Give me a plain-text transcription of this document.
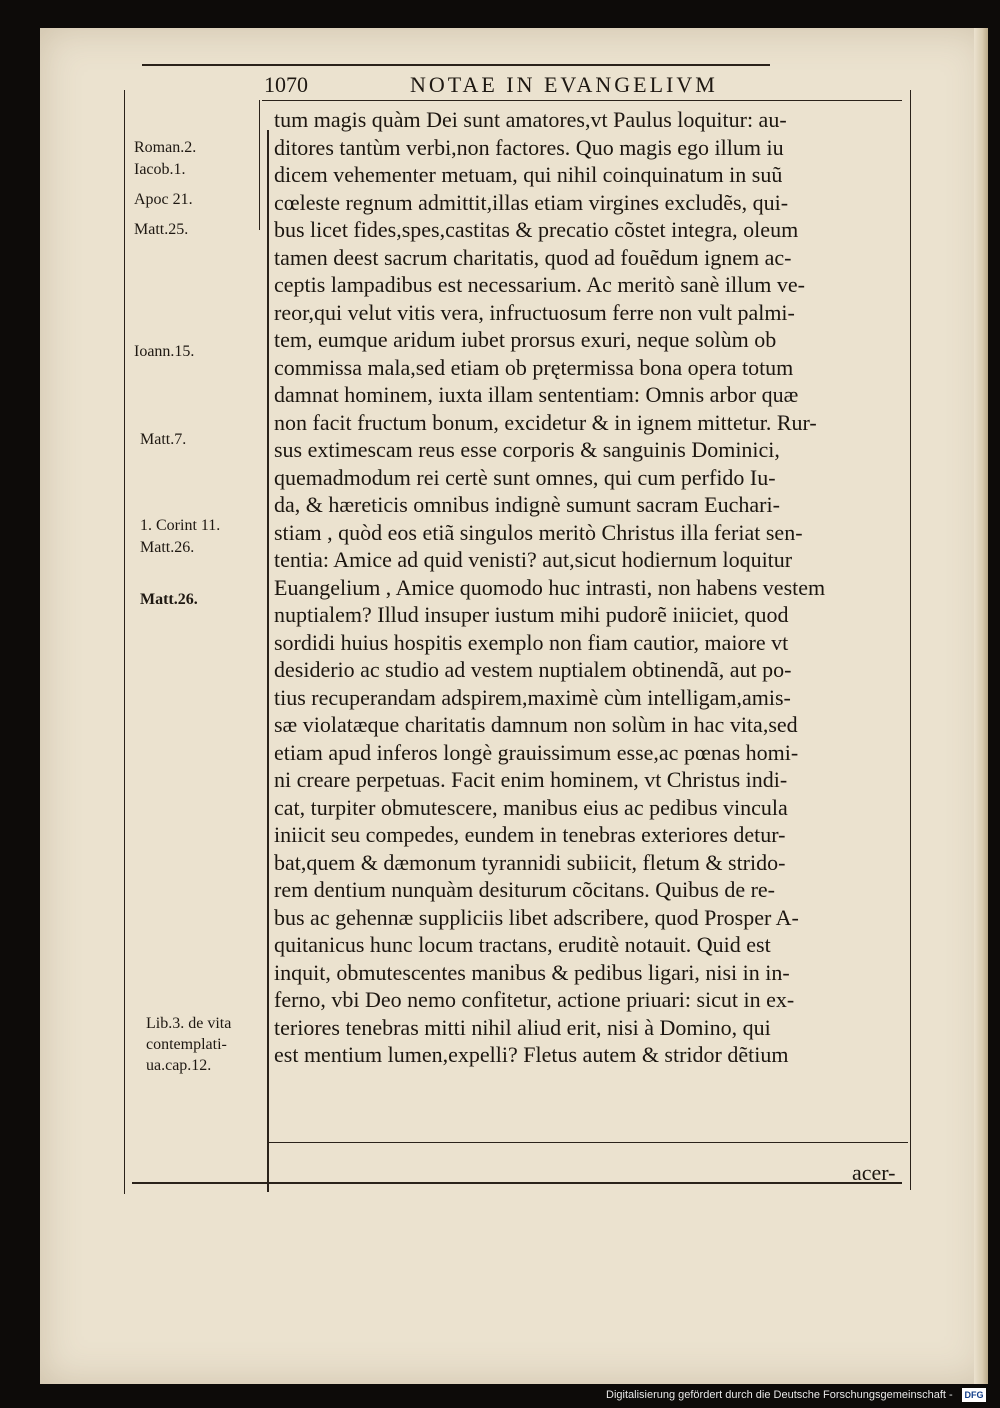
1070	NOTAE IN EVANGELIVM
Roman.2.
Iacob.1.
Apoc 21.
Matt.25.
Ioann.15.
Matt.7.
1. Corint 11.
Matt.26.
Matt.26.
Lib.3. de vita
contemplati-
ua.cap.12.
tum magis quàm Dei sunt amatores,vt Paulus loquitur: au-
ditores tantùm verbi,non factores. Quo magis ego illum iu
dicem vehementer metuam, qui nihil coinquinatum in suũ
cœleste regnum admittit,illas etiam virgines excludẽs, qui-
bus licet fides,spes,castitas & precatio cõstet integra, oleum
tamen deest sacrum charitatis, quod ad fouẽdum ignem ac-
ceptis lampadibus est necessarium. Ac meritò sanè illum ve-
reor,qui velut vitis vera, infructuosum ferre non vult palmi-
tem, eumque aridum iubet prorsus exuri, neque solùm ob
commissa mala,sed etiam ob prętermissa bona opera totum
damnat hominem, iuxta illam sententiam: Omnis arbor quæ
non facit fructum bonum, excidetur & in ignem mittetur. Rur-
sus extimescam reus esse corporis & sanguinis Dominici,
quemadmodum rei certè sunt omnes, qui cum perfido Iu-
da, & hæreticis omnibus indignè sumunt sacram Euchari-
stiam , quòd eos etiã singulos meritò Christus illa feriat sen-
tentia: Amice ad quid venisti? aut,sicut hodiernum loquitur
Euangelium , Amice quomodo huc intrasti, non habens vestem
nuptialem? Illud insuper iustum mihi pudorẽ iniiciet, quod
sordidi huius hospitis exemplo non fiam cautior, maiore vt
desiderio ac studio ad vestem nuptialem obtinendã, aut po-
tius recuperandam adspirem,maximè cùm intelligam,amis-
sæ violatæque charitatis damnum non solùm in hac vita,sed
etiam apud inferos longè grauissimum esse,ac pœnas homi-
ni creare perpetuas. Facit enim hominem, vt Christus indi-
cat, turpiter obmutescere, manibus eius ac pedibus vincula
iniicit seu compedes, eundem in tenebras exteriores detur-
bat,quem & dæmonum tyrannidi subiicit, fletum & strido-
rem dentium nunquàm desiturum cõcitans. Quibus de re-
bus ac gehennæ suppliciis libet adscribere, quod Prosper A-
quitanicus hunc locum tractans, eruditè notauit. Quid est
inquit, obmutescentes manibus & pedibus ligari, nisi in in-
ferno, vbi Deo nemo confitetur, actione priuari: sicut in ex-
teriores tenebras mitti nihil aliud erit, nisi à Domino, qui
est mentium lumen,expelli? Fletus autem & stridor dẽtium
acer-
Digitalisierung gefördert durch die Deutsche Forschungsgemeinschaft - DFG
